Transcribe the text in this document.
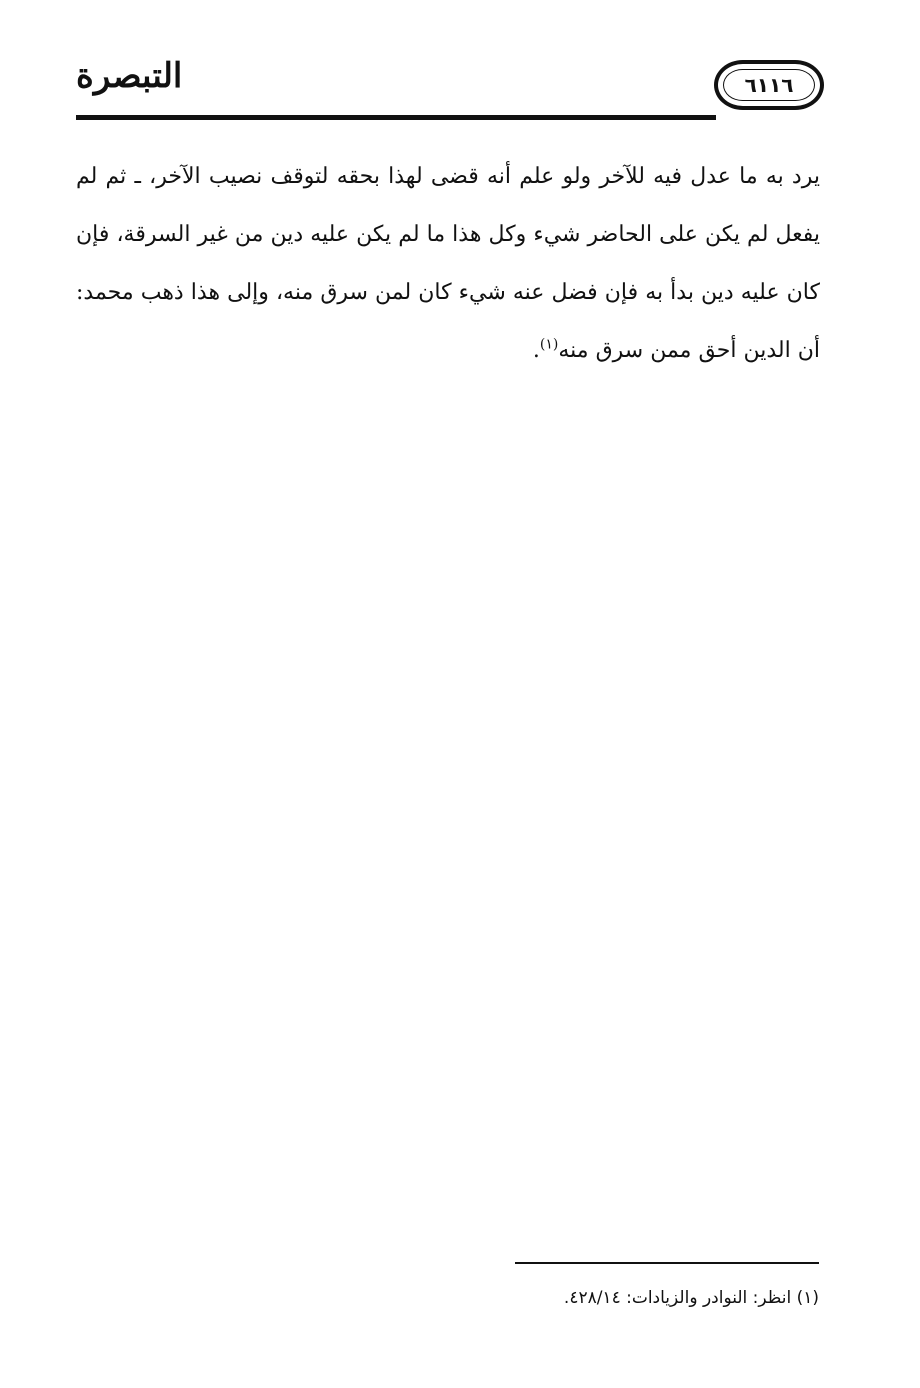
التبصرة	٦١١٦

يرد به ما عدل فيه للآخر ولو علم أنه قضى لهذا بحقه لتوقف نصيب الآخر، ـ ثم لم يفعل لم يكن على الحاضر شيء وكل هذا ما لم يكن عليه دين من غير السرقة، فإن كان عليه دين بدأ به فإن فضل عنه شيء كان لمن سرق منه، وإلى هذا ذهب محمد: أن الدين أحق ممن سرق منه$^{(١)}$.

(١) انظر: النوادر والزيادات: ٤٢٨/١٤.
